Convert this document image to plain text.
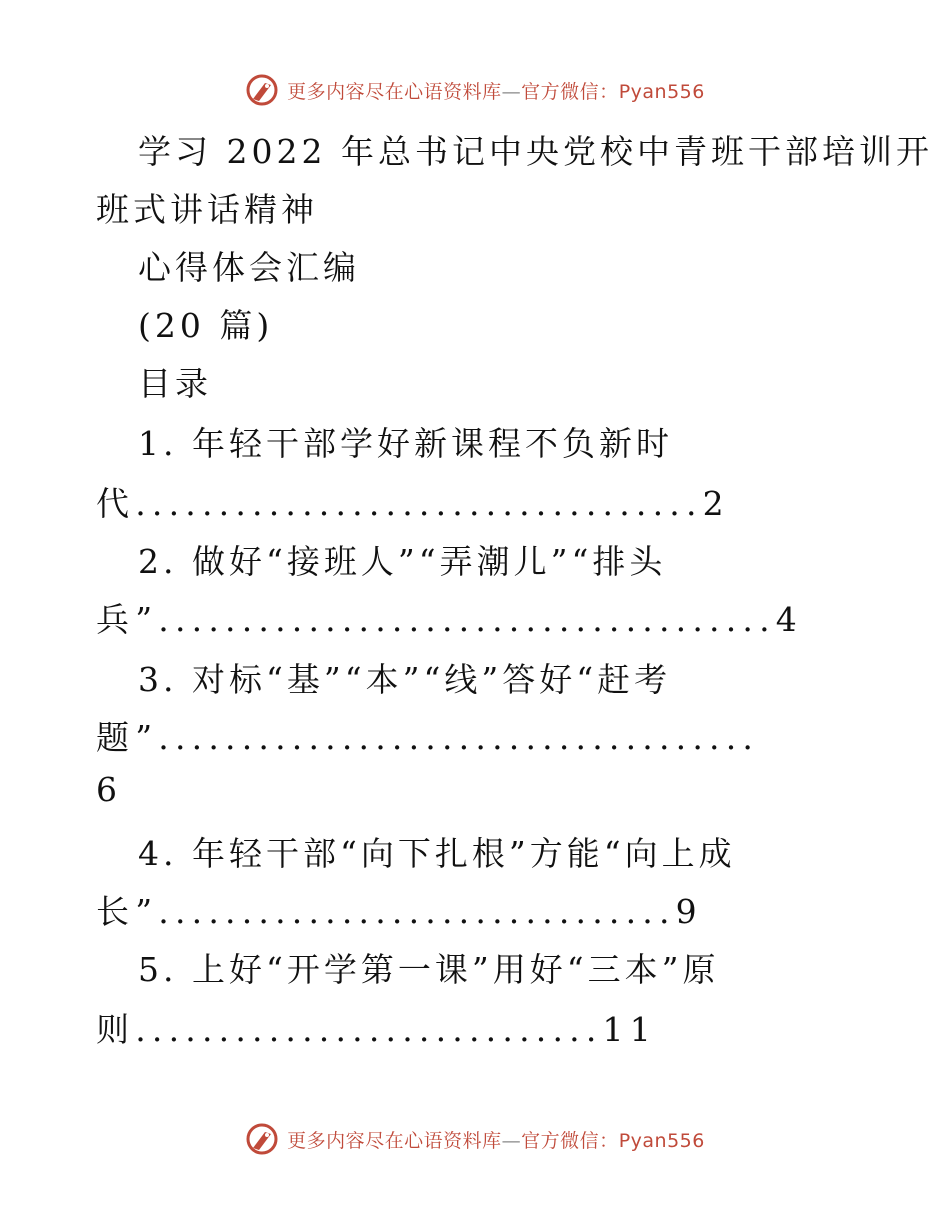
更多内容尽在心语资料库—官方微信：Pyan556
学习 2022 年总书记中央党校中青班干部培训开
班式讲话精神
心得体会汇编
(20 篇)
目录
1. 年轻干部学好新课程不负新时
代..................................2
2. 做好“接班人”“弄潮儿”“排头
兵”.....................................4
3. 对标“基”“本”“线”答好“赶考
题”....................................
6
4. 年轻干部“向下扎根”方能“向上成
长”...............................9
5. 上好“开学第一课”用好“三本”原
则............................11
更多内容尽在心语资料库—官方微信：Pyan556
